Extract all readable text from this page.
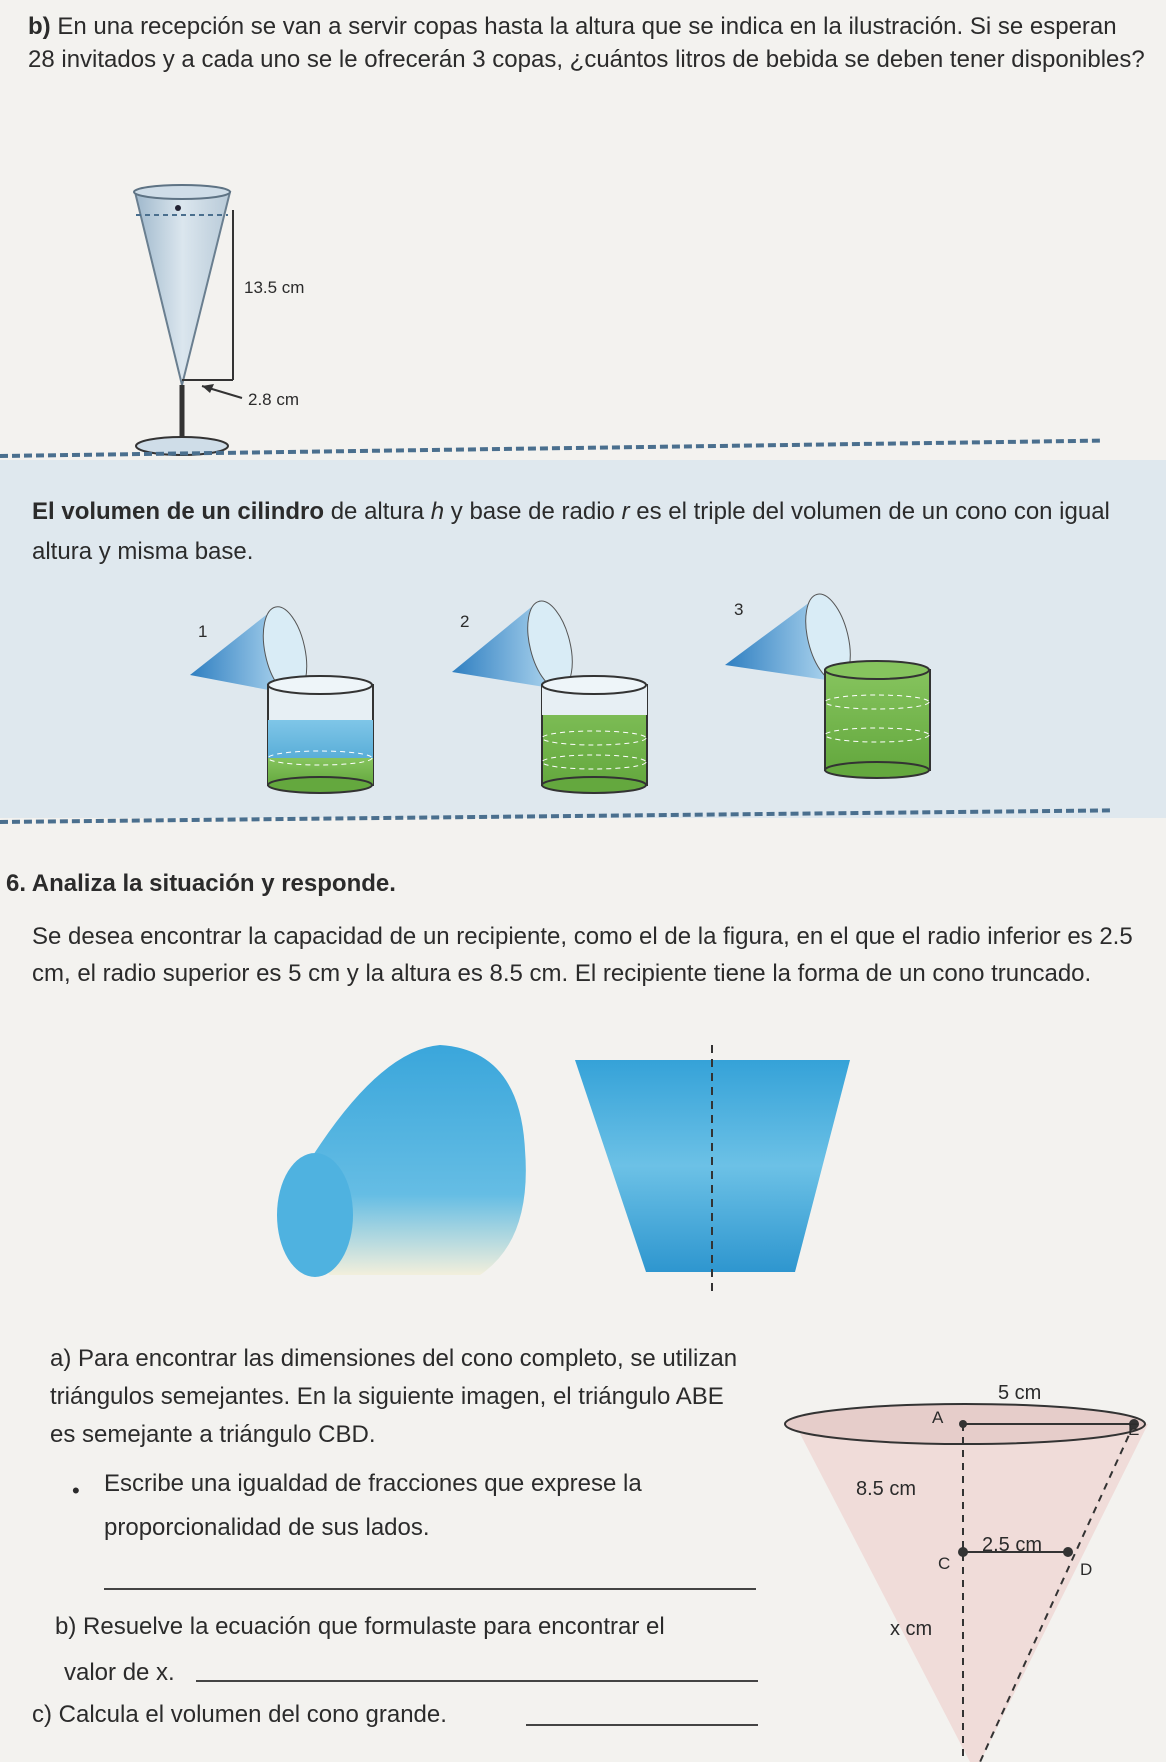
b) En una recepción se van a servir copas hasta la altura que se indica en la ilustración. Si se esperan 28 invitados y a cada uno se le ofrecerán 3 copas, ¿cuántos litros de bebida se deben tener disponibles?
13.5 cm
2.8 cm
El volumen de un cilindro de altura h y base de radio r es el triple del volumen de un cono con igual altura y misma base.
1
2
3
6. Analiza la situación y responde.
Se desea encontrar la capacidad de un recipiente, como el de la figura, en el que el radio inferior es 2.5 cm, el radio superior es 5 cm y la altura es 8.5 cm. El recipiente tiene la forma de un cono truncado.
a) Para encontrar las dimensiones del cono completo, se utilizan triángulos semejantes. En la siguiente imagen, el triángulo ABE es semejante a triángulo CBD.
• Escribe una igualdad de fracciones que exprese la proporcionalidad de sus lados.
b) Resuelve la ecuación que formulaste para encontrar el
valor de x.
c) Calcula el volumen del cono grande.
5 cm
A
E
8.5 cm
2.5 cm
C	D
x cm
